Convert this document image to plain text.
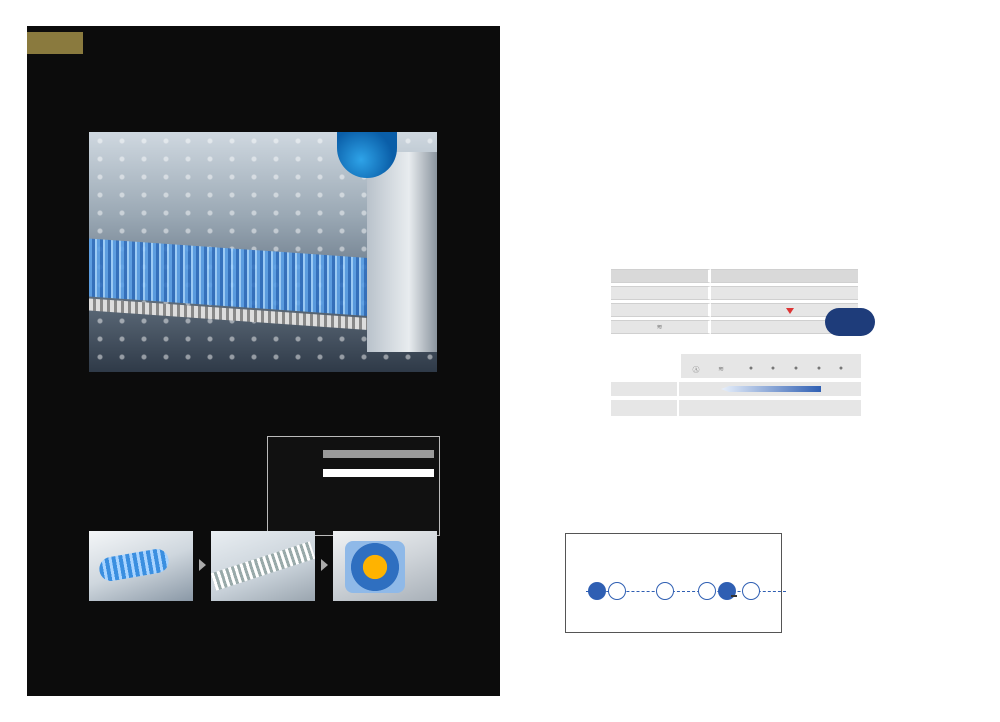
≋	
Ⓐ	≋	●	●	●	●	●
